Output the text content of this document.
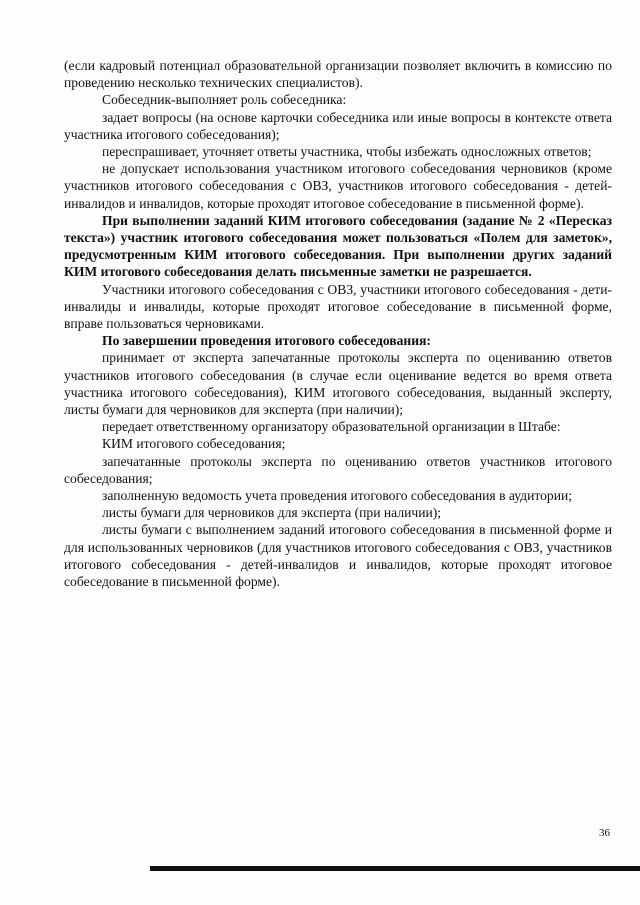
(если кадровый потенциал образовательной организации позволяет включить в комиссию по проведению несколько технических специалистов).

Собеседник-выполняет роль собеседника:

задает вопросы (на основе карточки собеседника или иные вопросы в контексте ответа участника итогового собеседования);

переспрашивает, уточняет ответы участника, чтобы избежать односложных ответов;

не допускает использования участником итогового собеседования черновиков (кроме участников итогового собеседования с ОВЗ, участников итогового собеседования - детей-инвалидов и инвалидов, которые проходят итоговое собеседование в письменной форме).

При выполнении заданий КИМ итогового собеседования (задание № 2 «Пересказ текста») участник итогового собеседования может пользоваться «Полем для заметок», предусмотренным КИМ итогового собеседования. При выполнении других заданий КИМ итогового собеседования делать письменные заметки не разрешается.

Участники итогового собеседования с ОВЗ, участники итогового собеседования - дети-инвалиды и инвалиды, которые проходят итоговое собеседование в письменной форме, вправе пользоваться черновиками.

По завершении проведения итогового собеседования:

принимает от эксперта запечатанные протоколы эксперта по оцениванию ответов участников итогового собеседования (в случае если оценивание ведется во время ответа участника итогового собеседования), КИМ итогового собеседования, выданный эксперту, листы бумаги для черновиков для эксперта (при наличии);

передает ответственному организатору образовательной организации в Штабе:

КИМ итогового собеседования;

запечатанные протоколы эксперта по оцениванию ответов участников итогового собеседования;

заполненную ведомость учета проведения итогового собеседования в аудитории;

листы бумаги для черновиков для эксперта (при наличии);

листы бумаги с выполнением заданий итогового собеседования в письменной форме и для использованных черновиков (для участников итогового собеседования с ОВЗ, участников итогового собеседования - детей-инвалидов и инвалидов, которые проходят итоговое собеседование в письменной форме).

36
